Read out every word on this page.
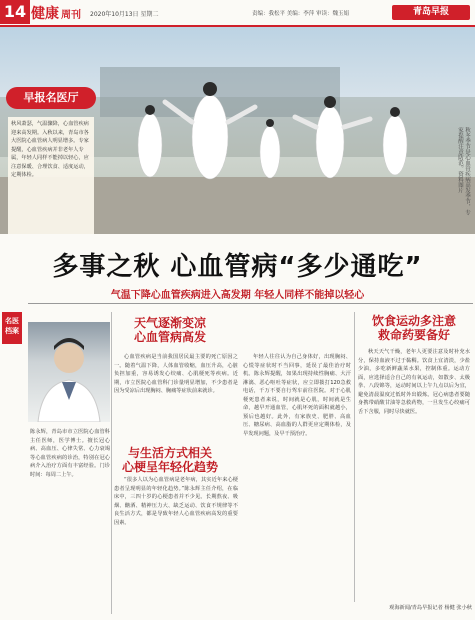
14 健康 周刊 2020年10月13日 星期二	责编：我松平 美编：李萍 审读：魏玉娟	青岛早报
早报名医厅
秋风萧瑟，气温骤降，心血管疾病迎来高发期。入秋以来，青岛市各大医院心血管病人明显增多。专家提醒，心血管疾病并非老年人专属，年轻人同样不能掉以轻心，应注意保暖、合理饮食、适度运动，定期体检。	秋冬季节是心血管疾病高发季节，专家提醒注意防范。资料图片
多事之秋 心血管病“多少通吃”
气温下降心血管疾病进入高发期 年轻人同样不能掉以轻心
名医档案
陈永辉，青岛市市立医院心血管科主任医师，医学博士。擅长冠心病、高血压、心律失常、心力衰竭等心血管疾病的诊治，特别在冠心病介入治疗方面有丰富经验。门诊时间：每周二上午。
天气逐渐变凉
心血管病高发

心血管疾病是当前我国居民最主要的死亡原因之一。随着气温下降，人体血管收缩，血压升高，心脏负担加重，容易诱发心绞痛、心肌梗死等疾病。近期，市立医院心血管科门诊量明显增加，不少患者是因为受凉后出现胸闷、胸痛等症状前来就诊。

与生活方式相关
心梗呈年轻化趋势

“很多人以为心血管病是老年病，其实近年来心梗患者呈现明显的年轻化趋势。”陈永辉主任介绍，在临床中，三四十岁的心梗患者并不少见。长期熬夜、吸烟、酗酒、精神压力大、缺乏运动、饮食不规律等不良生活方式，都是导致年轻人心血管疾病高发的重要因素。

年轻人往往认为自己身体好，出现胸闷、心慌等症状时不当回事，延误了最佳治疗时机。陈永辉提醒，如果出现持续性胸痛、大汗淋漓、恶心呕吐等症状，应立即拨打120急救电话，千万不要自行驾车前往医院。对于心肌梗死患者来说，时间就是心肌，时间就是生命，越早开通血管，心肌坏死的面积就越小，预后也越好。此外，有家族史、肥胖、高血压、糖尿病、高血脂的人群更应定期体检，及早发现问题，及早干预治疗。

饮食运动多注意
救命药要备好

秋天天气干燥，老年人更要注意及时补充水分，保持血液不过于黏稠。饮食上宜清淡，少盐少油，多吃新鲜蔬菜水果，控制体重。运动方面，应选择适合自己的有氧运动，如散步、太极拳、八段锦等，运动时间以上午九点以后为宜，避免清晨温度过低时外出锻炼。冠心病患者要随身携带硝酸甘油等急救药物，一旦发生心绞痛可舌下含服，同时尽快就医。

观海新闻/青岛早报记者 杨健 张小秋
